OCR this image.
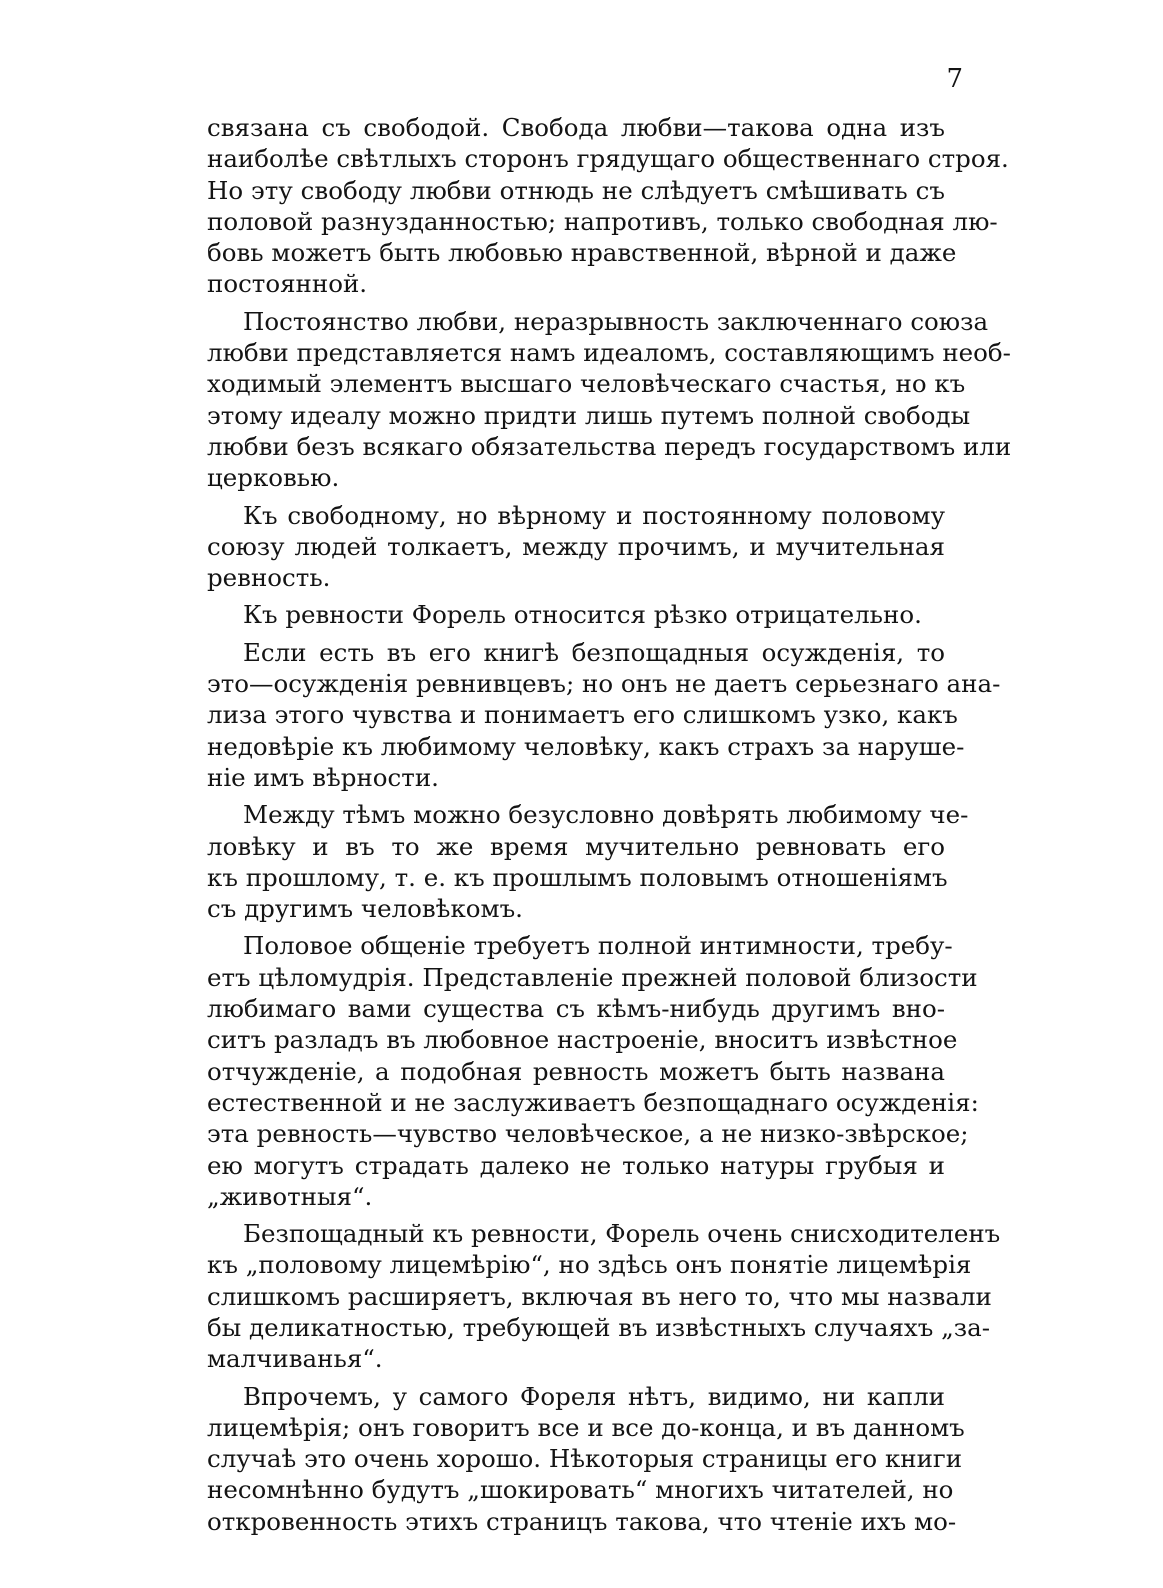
7

связана съ свободой. Свобода любви—такова одна изъ
наиболѣе свѣтлыхъ сторонъ грядущаго общественнаго строя.
Но эту свободу любви отнюдь не слѣдуетъ смѣшивать съ
половой разнузданностью; напротивъ, только свободная лю-
бовь можетъ быть любовью нравственной, вѣрной и даже
постоянной.

Постоянство любви, неразрывность заключеннаго союза
любви представляется намъ идеаломъ, составляющимъ необ-
ходимый элементъ высшаго человѣческаго счастья, но къ
этому идеалу можно придти лишь путемъ полной свободы
любви безъ всякаго обязательства передъ государствомъ или
церковью.

Къ свободному, но вѣрному и постоянному половому
союзу людей толкаетъ, между прочимъ, и мучительная
ревность.

Къ ревности Форель относится рѣзко отрицательно.

Если есть въ его книгѣ безпощадныя осужденія, то
это—осужденія ревнивцевъ; но онъ не даетъ серьезнаго ана-
лиза этого чувства и понимаетъ его слишкомъ узко, какъ
недовѣріе къ любимому человѣку, какъ страхъ за наруше-
ніе имъ вѣрности.

Между тѣмъ можно безусловно довѣрять любимому че-
ловѣку и въ то же время мучительно ревновать его
къ прошлому, т. е. къ прошлымъ половымъ отношеніямъ
съ другимъ человѣкомъ.

Половое общеніе требуетъ полной интимности, требу-
етъ цѣломудрія. Представленіе прежней половой близости
любимаго вами существа съ кѣмъ-нибудь другимъ вно-
ситъ разладъ въ любовное настроеніе, вноситъ извѣстное
отчужденіе, а подобная ревность можетъ быть названа
естественной и не заслуживаетъ безпощаднаго осужденія:
эта ревность—чувство человѣческое, а не низко-звѣрское;
ею могутъ страдать далеко не только натуры грубыя и
„животныя“.

Безпощадный къ ревности, Форель очень снисходителенъ
къ „половому лицемѣрію“, но здѣсь онъ понятіе лицемѣрія
слишкомъ расширяетъ, включая въ него то, что мы назвали
бы деликатностью, требующей въ извѣстныхъ случаяхъ „за-
малчиванья“.

Впрочемъ, у самого Фореля нѣтъ, видимо, ни капли
лицемѣрія; онъ говоритъ все и все до-конца, и въ данномъ
случаѣ это очень хорошо. Нѣкоторыя страницы его книги
несомнѣнно будутъ „шокировать“ многихъ читателей, но
откровенность этихъ страницъ такова, что чтеніе ихъ мо-
